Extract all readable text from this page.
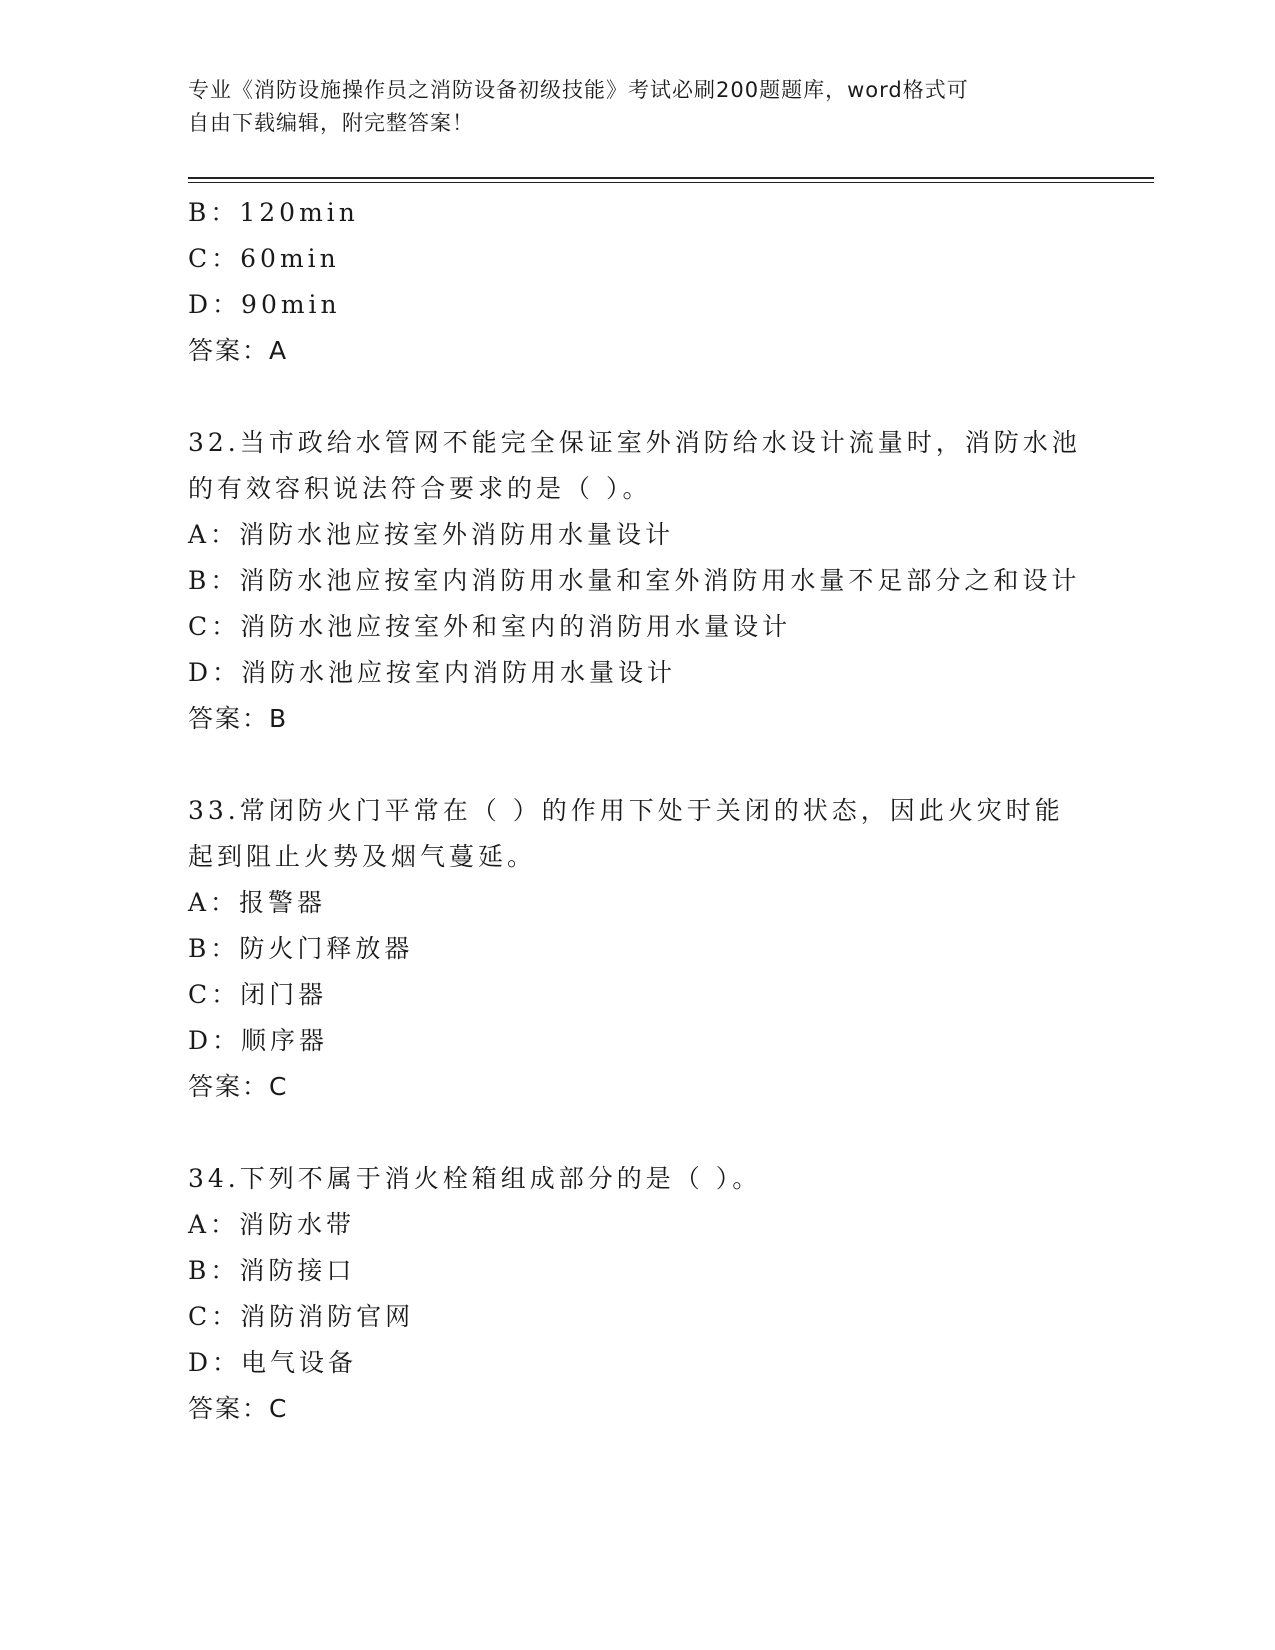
专业《消防设施操作员之消防设备初级技能》考试必刷200题题库，word格式可
自由下载编辑，附完整答案！
B：120min
C：60min
D：90min
答案：A
32.当市政给水管网不能完全保证室外消防给水设计流量时，消防水池
的有效容积说法符合要求的是（ ）。
A：消防水池应按室外消防用水量设计
B：消防水池应按室内消防用水量和室外消防用水量不足部分之和设计
C：消防水池应按室外和室内的消防用水量设计
D：消防水池应按室内消防用水量设计
答案：B
33.常闭防火门平常在（ ）的作用下处于关闭的状态，因此火灾时能
起到阻止火势及烟气蔓延。
A：报警器
B：防火门释放器
C：闭门器
D：顺序器
答案：C
34.下列不属于消火栓箱组成部分的是（ ）。
A：消防水带
B：消防接口
C：消防消防官网
D：电气设备
答案：C
